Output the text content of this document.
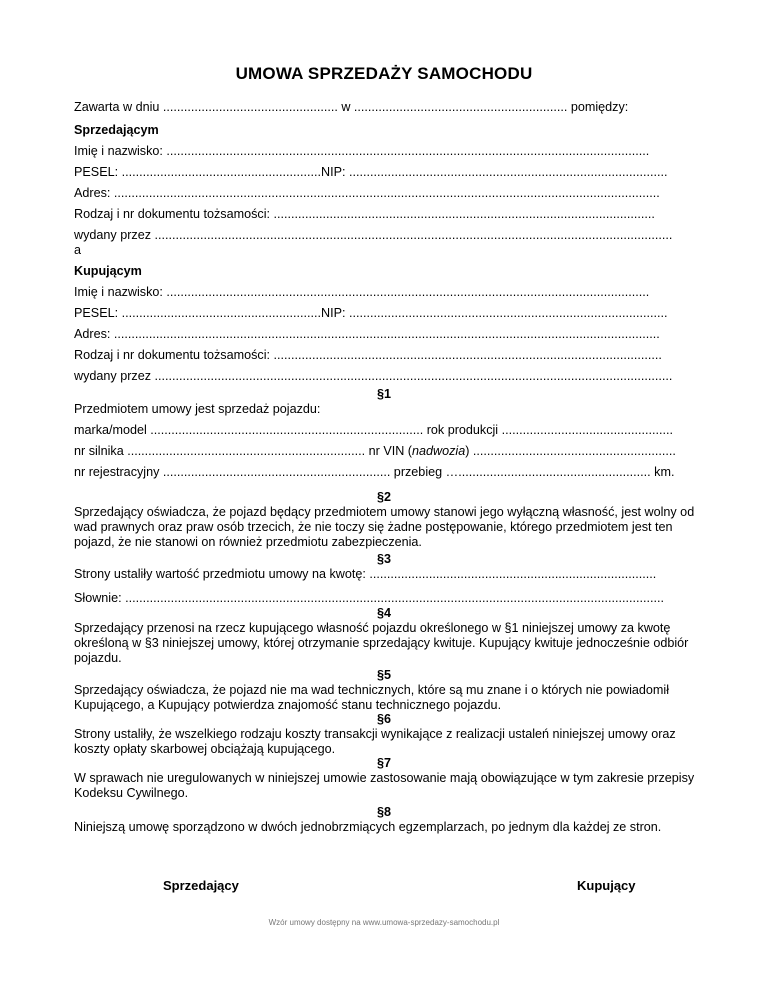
UMOWA SPRZEDAŻY SAMOCHODU
Zawarta w dniu .................................................. w ............................................................. pomiędzy:
Sprzedającym
Imię i nazwisko: ..........................................................................................................................................
PESEL: .........................................................NIP: ...........................................................................................
Adres: ............................................................................................................................................................
Rodzaj i nr dokumentu tożsamości: .............................................................................................................
wydany przez ....................................................................................................................................................
a
Kupującym
Imię i nazwisko: ..........................................................................................................................................
PESEL: .........................................................NIP: ...........................................................................................
Adres: ............................................................................................................................................................
Rodzaj i nr dokumentu tożsamości: ...............................................................................................................
wydany przez ....................................................................................................................................................
§1
Przedmiotem umowy jest sprzedaż pojazdu:
marka/model .............................................................................. rok produkcji .................................................
nr silnika .................................................................... nr VIN (nadwozia) ..........................................................
nr rejestracyjny ................................................................. przebieg …....................................................... km.
§2
Sprzedający oświadcza, że pojazd będący przedmiotem umowy stanowi jego wyłączną własność, jest wolny od wad prawnych oraz praw osób trzecich, że nie toczy się żadne postępowanie, którego przedmiotem jest ten pojazd, że nie stanowi on również przedmiotu zabezpieczenia.
§3
Strony ustaliły wartość przedmiotu umowy na kwotę: ..................................................................................
Słownie: ..........................................................................................................................................................
§4
Sprzedający przenosi na rzecz kupującego własność pojazdu określonego w §1 niniejszej umowy za kwotę określoną w §3 niniejszej umowy, której otrzymanie sprzedający kwituje. Kupujący kwituje jednocześnie odbiór pojazdu.
§5
Sprzedający oświadcza, że pojazd nie ma wad technicznych, które są mu znane i o których nie powiadomił Kupującego, a Kupujący potwierdza znajomość stanu technicznego pojazdu.
§6
Strony ustaliły, że wszelkiego rodzaju koszty transakcji wynikające z realizacji ustaleń niniejszej umowy oraz koszty opłaty skarbowej obciążają kupującego.
§7
W sprawach nie uregulowanych w niniejszej umowie zastosowanie mają obowiązujące w tym zakresie przepisy Kodeksu Cywilnego.
§8
Niniejszą umowę sporządzono w dwóch jednobrzmiących egzemplarzach, po jednym dla każdej ze stron.
Sprzedający	Kupujący
Wzór umowy dostępny na www.umowa-sprzedazy-samochodu.pl
